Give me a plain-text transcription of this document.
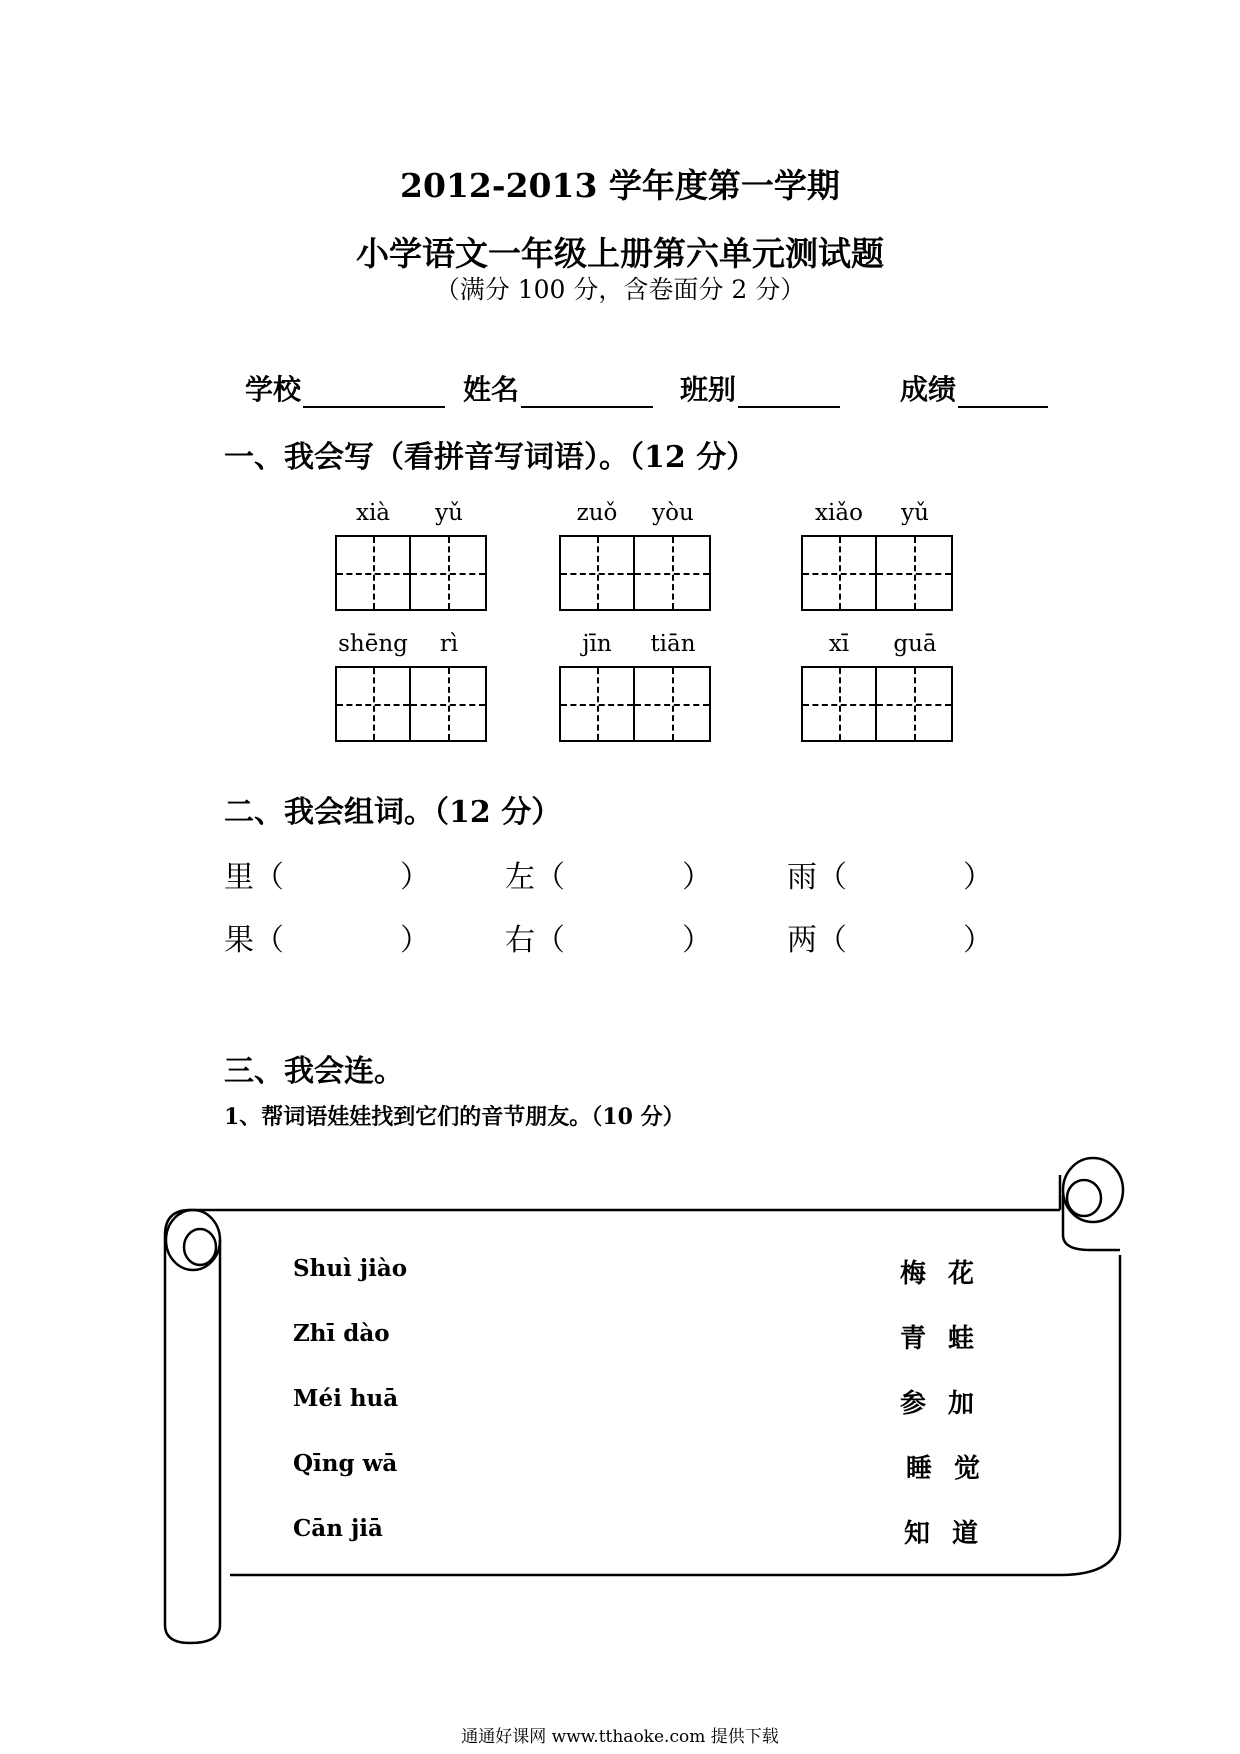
2012-2013 学年度第一学期
小学语文一年级上册第六单元测试题
（满分 100 分，含卷面分 2 分）
学校	姓名	班别	成绩
一、我会写（看拼音写词语）。（12 分）
xià	yǔ	zuǒ	yòu	xiǎo	yǔ
shēng	rì	jīn	tiān	xī	guā
二、我会组词。（12 分）
里（	）	左（	）	雨（	）
果（	）	右（	）	两（	）
三、我会连。
1、帮词语娃娃找到它们的音节朋友。（10 分）
Shuì jiào
Zhī dào
Méi huā
Qīng wā
Cān jiā
梅花
青蛙
参加
睡觉
知道
通通好课网 www.tthaoke.com 提供下载
